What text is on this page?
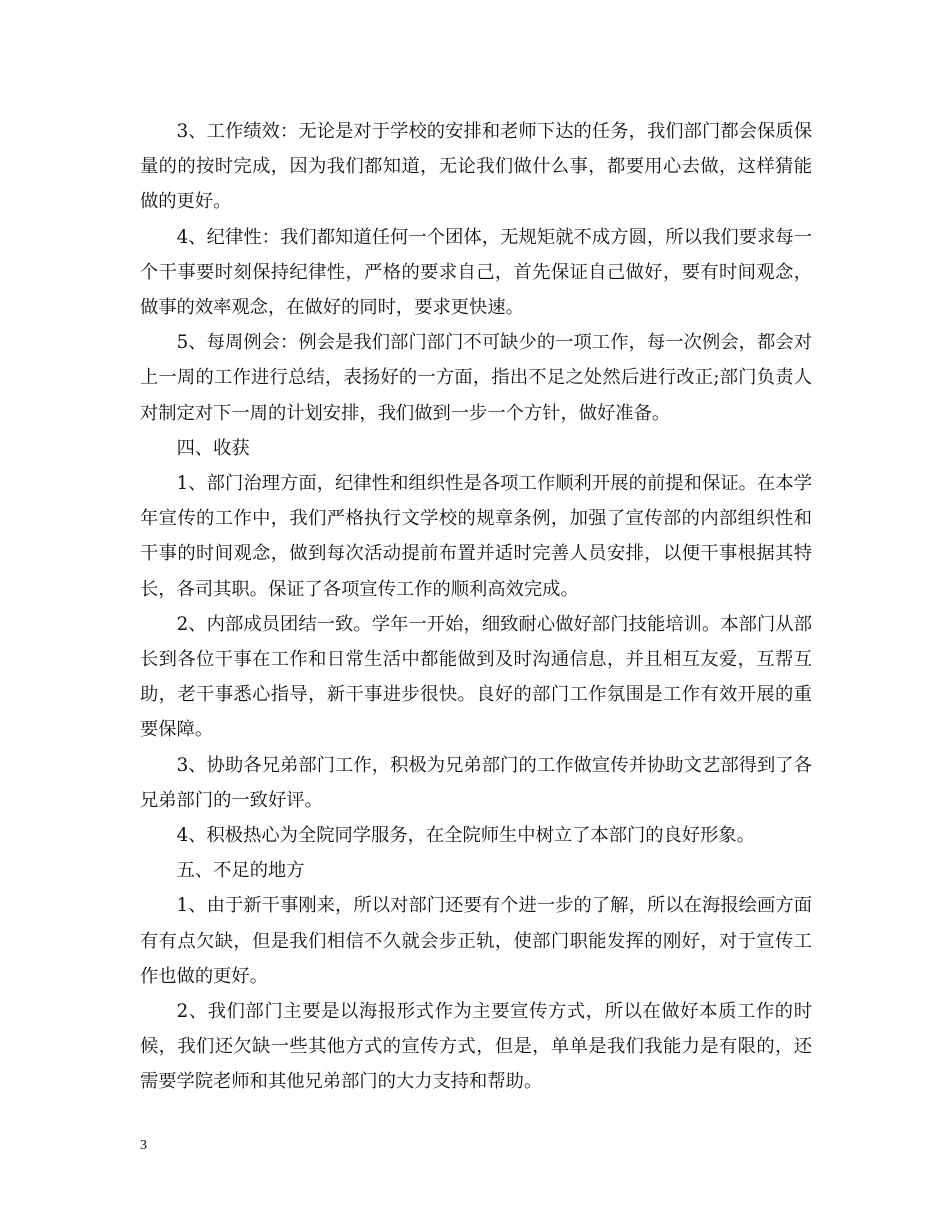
3、工作绩效：无论是对于学校的安排和老师下达的任务，我们部门都会保质保量的的按时完成，因为我们都知道，无论我们做什么事，都要用心去做，这样猜能做的更好。

4、纪律性：我们都知道任何一个团体，无规矩就不成方圆，所以我们要求每一个干事要时刻保持纪律性，严格的要求自己，首先保证自己做好，要有时间观念，做事的效率观念，在做好的同时，要求更快速。

5、每周例会：例会是我们部门部门不可缺少的一项工作，每一次例会，都会对上一周的工作进行总结，表扬好的一方面，指出不足之处然后进行改正;部门负责人对制定对下一周的计划安排，我们做到一步一个方针，做好准备。

四、收获

1、部门治理方面，纪律性和组织性是各项工作顺利开展的前提和保证。在本学年宣传的工作中，我们严格执行文学校的规章条例，加强了宣传部的内部组织性和干事的时间观念，做到每次活动提前布置并适时完善人员安排，以便干事根据其特长，各司其职。保证了各项宣传工作的顺利高效完成。

2、内部成员团结一致。学年一开始，细致耐心做好部门技能培训。本部门从部长到各位干事在工作和日常生活中都能做到及时沟通信息，并且相互友爱，互帮互助，老干事悉心指导，新干事进步很快。良好的部门工作氛围是工作有效开展的重要保障。

3、协助各兄弟部门工作，积极为兄弟部门的工作做宣传并协助文艺部得到了各兄弟部门的一致好评。

4、积极热心为全院同学服务，在全院师生中树立了本部门的良好形象。

五、不足的地方

1、由于新干事刚来，所以对部门还要有个进一步的了解，所以在海报绘画方面有有点欠缺，但是我们相信不久就会步正轨，使部门职能发挥的刚好，对于宣传工作也做的更好。

2、我们部门主要是以海报形式作为主要宣传方式，所以在做好本质工作的时候，我们还欠缺一些其他方式的宣传方式，但是，单单是我们我能力是有限的，还需要学院老师和其他兄弟部门的大力支持和帮助。

3
